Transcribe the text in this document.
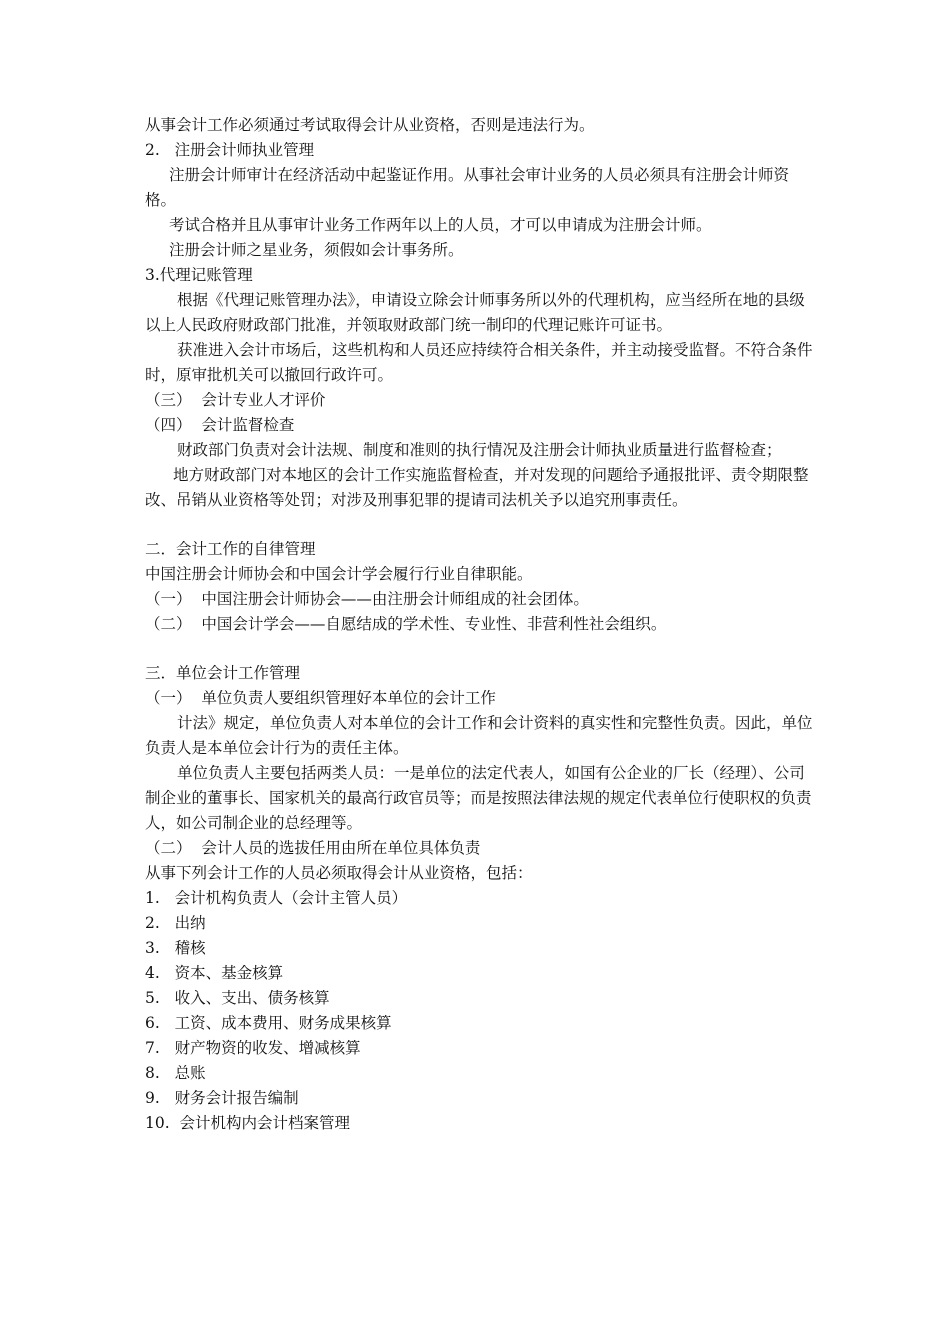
从事会计工作必须通过考试取得会计从业资格，否则是违法行为。
2.   注册会计师执业管理
注册会计师审计在经济活动中起鉴证作用。从事社会审计业务的人员必须具有注册会计师资格。
考试合格并且从事审计业务工作两年以上的人员，才可以申请成为注册会计师。
注册会计师之星业务，须假如会计事务所。
3.代理记账管理
根据《代理记账管理办法》，申请设立除会计师事务所以外的代理机构，应当经所在地的县级以上人民政府财政部门批准，并领取财政部门统一制印的代理记账许可证书。
获准进入会计市场后，这些机构和人员还应持续符合相关条件，并主动接受监督。不符合条件时，原审批机关可以撤回行政许可。
（三）  会计专业人才评价
（四）  会计监督检查
财政部门负责对会计法规、制度和准则的执行情况及注册会计师执业质量进行监督检查；
地方财政部门对本地区的会计工作实施监督检查，并对发现的问题给予通报批评、责令期限整改、吊销从业资格等处罚；对涉及刑事犯罪的提请司法机关予以追究刑事责任。
二．会计工作的自律管理
中国注册会计师协会和中国会计学会履行行业自律职能。
（一）  中国注册会计师协会——由注册会计师组成的社会团体。
（二）  中国会计学会——自愿结成的学术性、专业性、非营利性社会组织。
三．单位会计工作管理
（一）  单位负责人要组织管理好本单位的会计工作
计法》规定，单位负责人对本单位的会计工作和会计资料的真实性和完整性负责。因此，单位负责人是本单位会计行为的责任主体。
单位负责人主要包括两类人员：一是单位的法定代表人，如国有公企业的厂长（经理）、公司制企业的董事长、国家机关的最高行政官员等；而是按照法律法规的规定代表单位行使职权的负责人，如公司制企业的总经理等。
（二）  会计人员的选拔任用由所在单位具体负责
从事下列会计工作的人员必须取得会计从业资格，包括：
1.   会计机构负责人（会计主管人员）
2.   出纳
3.   稽核
4.   资本、基金核算
5.   收入、支出、债务核算
6.   工资、成本费用、财务成果核算
7.   财产物资的收发、增减核算
8.   总账
9.   财务会计报告编制
10.  会计机构内会计档案管理
